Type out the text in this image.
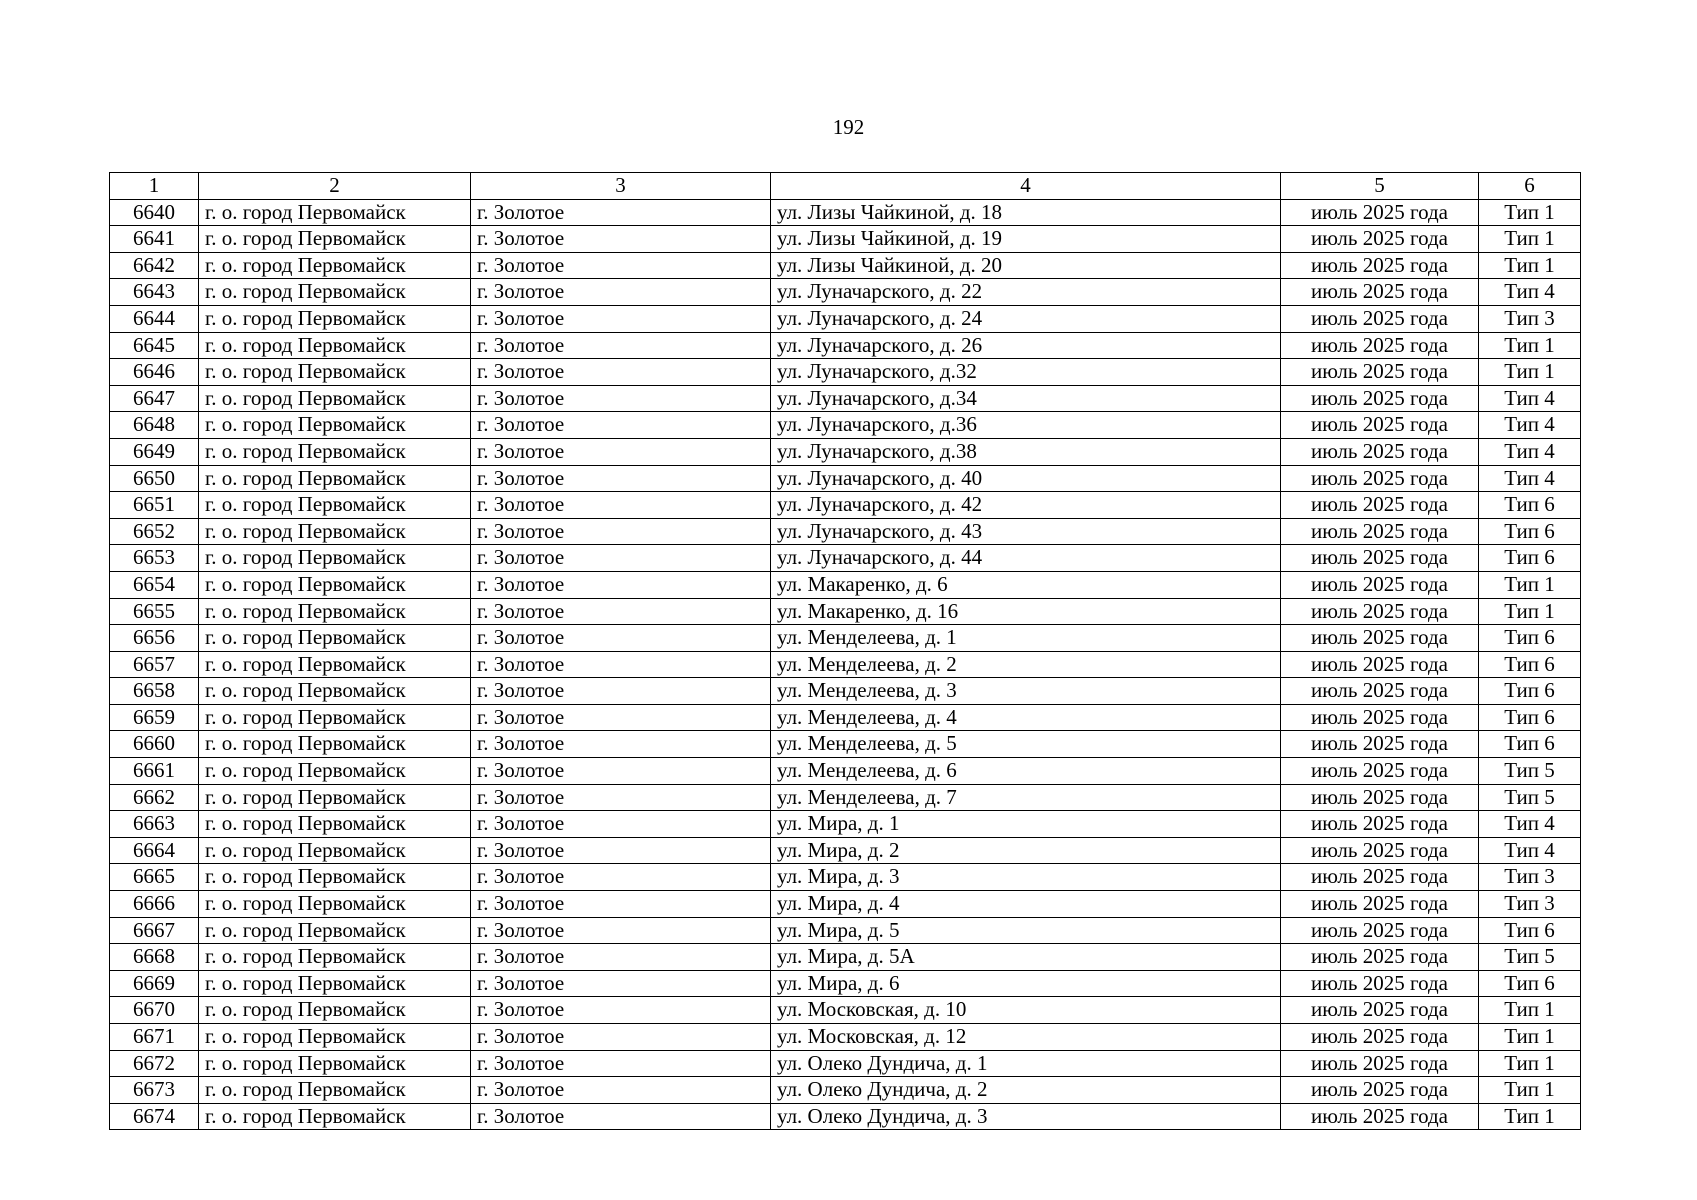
192
1	2	3	4	5	6
6640	г. о. город Первомайск	г. Золотое	ул. Лизы Чайкиной, д. 18	июль 2025 года	Тип 1
6641	г. о. город Первомайск	г. Золотое	ул. Лизы Чайкиной, д. 19	июль 2025 года	Тип 1
6642	г. о. город Первомайск	г. Золотое	ул. Лизы Чайкиной, д. 20	июль 2025 года	Тип 1
6643	г. о. город Первомайск	г. Золотое	ул. Луначарского, д. 22	июль 2025 года	Тип 4
6644	г. о. город Первомайск	г. Золотое	ул. Луначарского, д. 24	июль 2025 года	Тип 3
6645	г. о. город Первомайск	г. Золотое	ул. Луначарского, д. 26	июль 2025 года	Тип 1
6646	г. о. город Первомайск	г. Золотое	ул. Луначарского, д.32	июль 2025 года	Тип 1
6647	г. о. город Первомайск	г. Золотое	ул. Луначарского, д.34	июль 2025 года	Тип 4
6648	г. о. город Первомайск	г. Золотое	ул. Луначарского, д.36	июль 2025 года	Тип 4
6649	г. о. город Первомайск	г. Золотое	ул. Луначарского, д.38	июль 2025 года	Тип 4
6650	г. о. город Первомайск	г. Золотое	ул. Луначарского, д. 40	июль 2025 года	Тип 4
6651	г. о. город Первомайск	г. Золотое	ул. Луначарского, д. 42	июль 2025 года	Тип 6
6652	г. о. город Первомайск	г. Золотое	ул. Луначарского, д. 43	июль 2025 года	Тип 6
6653	г. о. город Первомайск	г. Золотое	ул. Луначарского, д. 44	июль 2025 года	Тип 6
6654	г. о. город Первомайск	г. Золотое	ул. Макаренко, д. 6	июль 2025 года	Тип 1
6655	г. о. город Первомайск	г. Золотое	ул. Макаренко, д. 16	июль 2025 года	Тип 1
6656	г. о. город Первомайск	г. Золотое	ул. Менделеева, д. 1	июль 2025 года	Тип 6
6657	г. о. город Первомайск	г. Золотое	ул. Менделеева, д. 2	июль 2025 года	Тип 6
6658	г. о. город Первомайск	г. Золотое	ул. Менделеева, д. 3	июль 2025 года	Тип 6
6659	г. о. город Первомайск	г. Золотое	ул. Менделеева, д. 4	июль 2025 года	Тип 6
6660	г. о. город Первомайск	г. Золотое	ул. Менделеева, д. 5	июль 2025 года	Тип 6
6661	г. о. город Первомайск	г. Золотое	ул. Менделеева, д. 6	июль 2025 года	Тип 5
6662	г. о. город Первомайск	г. Золотое	ул. Менделеева, д. 7	июль 2025 года	Тип 5
6663	г. о. город Первомайск	г. Золотое	ул. Мира, д. 1	июль 2025 года	Тип 4
6664	г. о. город Первомайск	г. Золотое	ул. Мира, д. 2	июль 2025 года	Тип 4
6665	г. о. город Первомайск	г. Золотое	ул. Мира, д. 3	июль 2025 года	Тип 3
6666	г. о. город Первомайск	г. Золотое	ул. Мира, д. 4	июль 2025 года	Тип 3
6667	г. о. город Первомайск	г. Золотое	ул. Мира, д. 5	июль 2025 года	Тип 6
6668	г. о. город Первомайск	г. Золотое	ул. Мира, д. 5А	июль 2025 года	Тип 5
6669	г. о. город Первомайск	г. Золотое	ул. Мира, д. 6	июль 2025 года	Тип 6
6670	г. о. город Первомайск	г. Золотое	ул. Московская, д. 10	июль 2025 года	Тип 1
6671	г. о. город Первомайск	г. Золотое	ул. Московская, д. 12	июль 2025 года	Тип 1
6672	г. о. город Первомайск	г. Золотое	ул. Олеко Дундича, д. 1	июль 2025 года	Тип 1
6673	г. о. город Первомайск	г. Золотое	ул. Олеко Дундича, д. 2	июль 2025 года	Тип 1
6674	г. о. город Первомайск	г. Золотое	ул. Олеко Дундича, д. 3	июль 2025 года	Тип 1
